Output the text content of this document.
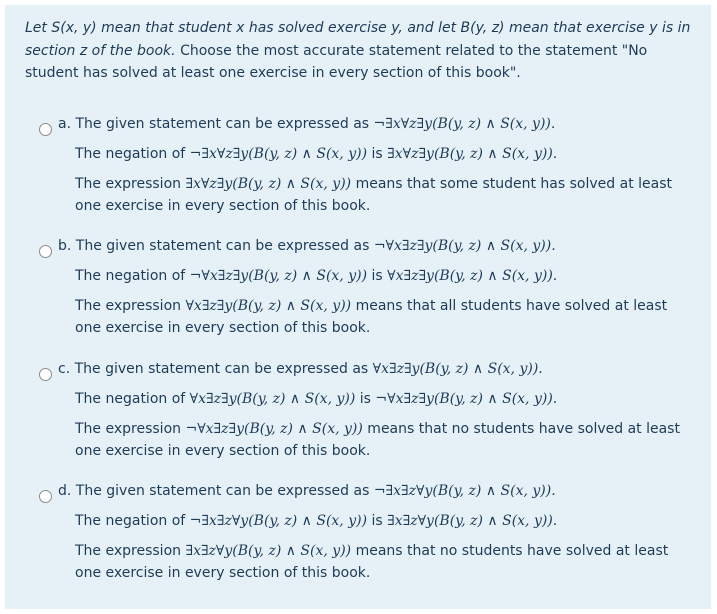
Let S(x, y) mean that student x has solved exercise y, and let B(y, z) mean that exercise y is in section z of the book. Choose the most accurate statement related to the statement "No student has solved at least one exercise in every section of this book".
a. The given statement can be expressed as ¬∃x∀z∃y(B(y, z) ∧ S(x, y)).
The negation of ¬∃x∀z∃y(B(y, z) ∧ S(x, y)) is ∃x∀z∃y(B(y, z) ∧ S(x, y)).
The expression ∃x∀z∃y(B(y, z) ∧ S(x, y)) means that some student has solved at least one exercise in every section of this book.
b. The given statement can be expressed as ¬∀x∃z∃y(B(y, z) ∧ S(x, y)).
The negation of ¬∀x∃z∃y(B(y, z) ∧ S(x, y)) is ∀x∃z∃y(B(y, z) ∧ S(x, y)).
The expression ∀x∃z∃y(B(y, z) ∧ S(x, y)) means that all students have solved at least one exercise in every section of this book.
c. The given statement can be expressed as ∀x∃z∃y(B(y, z) ∧ S(x, y)).
The negation of ∀x∃z∃y(B(y, z) ∧ S(x, y)) is ¬∀x∃z∃y(B(y, z) ∧ S(x, y)).
The expression ¬∀x∃z∃y(B(y, z) ∧ S(x, y)) means that no students have solved at least one exercise in every section of this book.
d. The given statement can be expressed as ¬∃x∃z∀y(B(y, z) ∧ S(x, y)).
The negation of ¬∃x∃z∀y(B(y, z) ∧ S(x, y)) is ∃x∃z∀y(B(y, z) ∧ S(x, y)).
The expression ∃x∃z∀y(B(y, z) ∧ S(x, y)) means that no students have solved at least one exercise in every section of this book.
